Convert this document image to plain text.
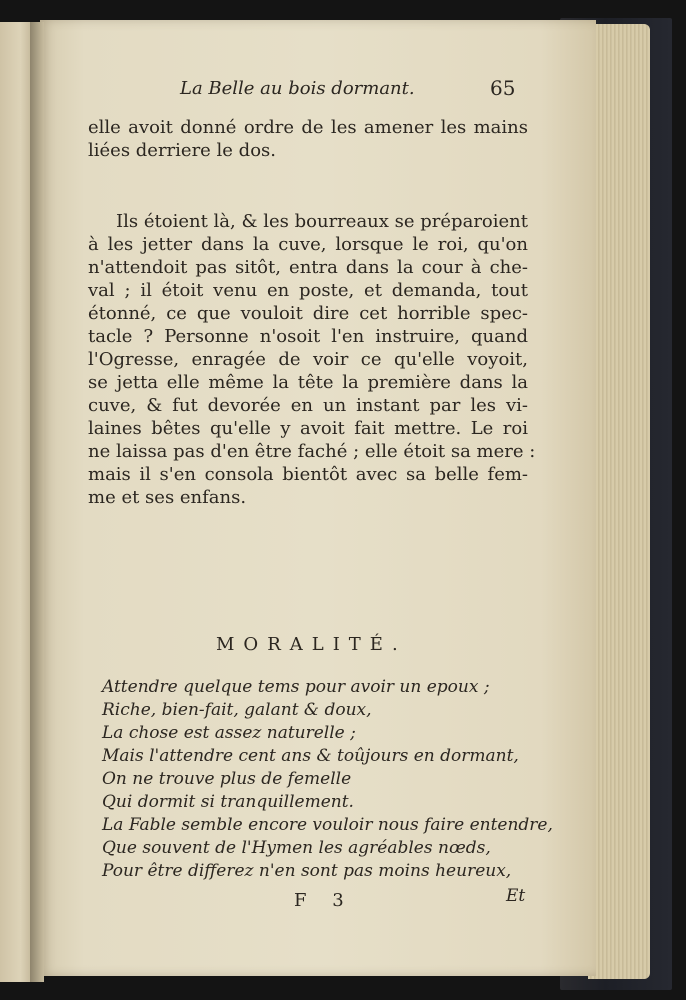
La Belle au bois dormant.	65
elle avoit donné ordre de les amener les mains
liées derriere le dos.
Ils étoient là, & les bourreaux se préparoient
à les jetter dans la cuve, lorsque le roi, qu'on
n'attendoit pas sitôt, entra dans la cour à che-
val ; il étoit venu en poste, et demanda, tout
étonné, ce que vouloit dire cet horrible spec-
tacle ? Personne n'osoit l'en instruire, quand
l'Ogresse, enragée de voir ce qu'elle voyoit,
se jetta elle même la tête la première dans la
cuve, & fut devorée en un instant par les vi-
laines bêtes qu'elle y avoit fait mettre. Le roi
ne laissa pas d'en être faché ; elle étoit sa mere :
mais il s'en consola bientôt avec sa belle fem-
me et ses enfans.
MORALITÉ.
Attendre quelque tems pour avoir un epoux ;
Riche, bien-fait, galant & doux,
La chose est assez naturelle ;
Mais l'attendre cent ans & toûjours en dormant,
On ne trouve plus de femelle
Qui dormit si tranquillement.
La Fable semble encore vouloir nous faire entendre,
Que souvent de l'Hymen les agréables nœds,
Pour être differez n'en sont pas moins heureux,
F 3	Et
